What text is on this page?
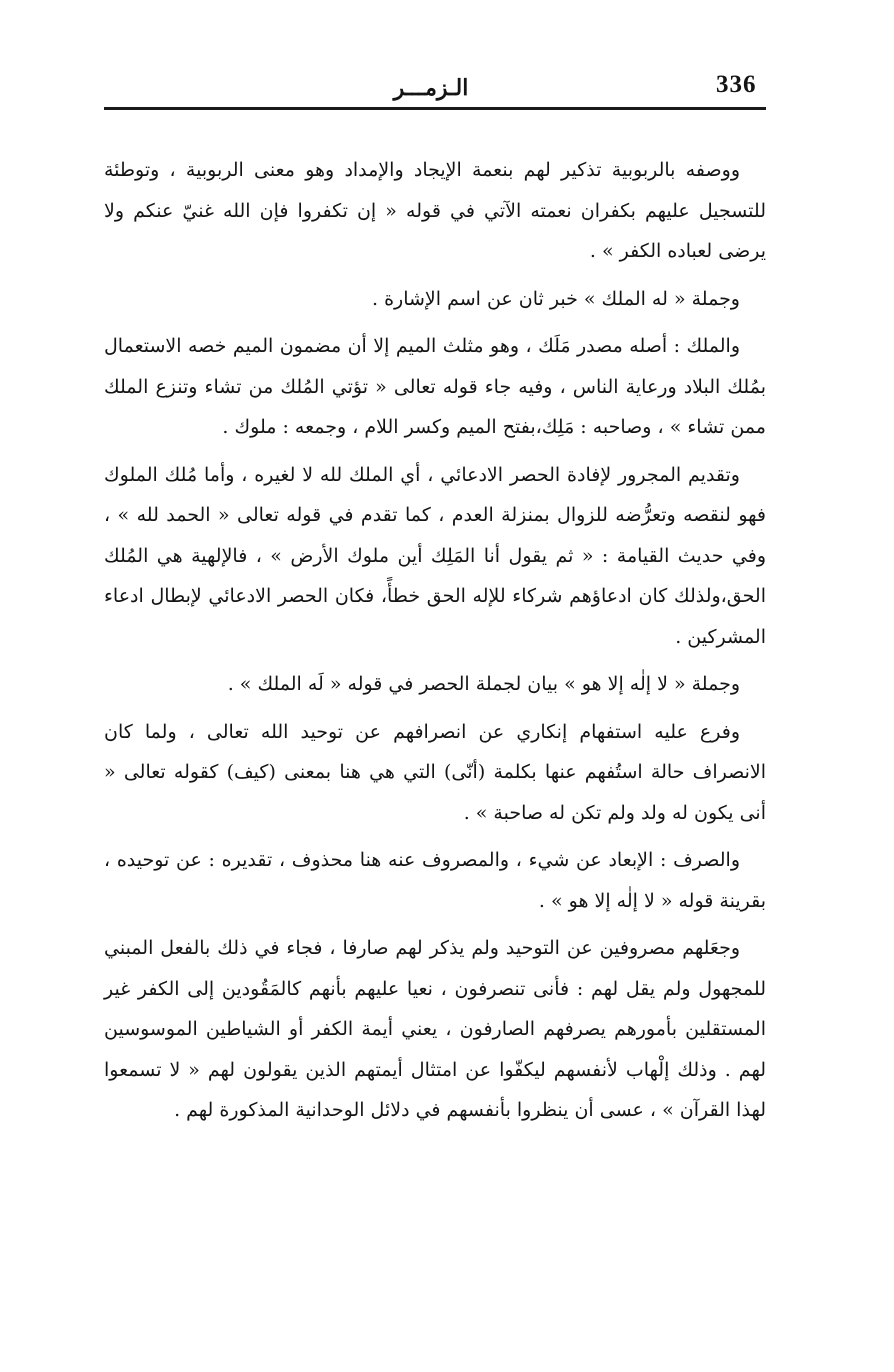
336
الـزمـــر

ووصفه بالربوبية تذكير لهم بنعمة الإيجاد والإمداد وهو معنى الربوبية ، وتوطئة للتسجيل عليهم بكفران نعمته الآتي في قوله « إن تكفروا فإن الله غنيّ عنكم ولا يرضى لعباده الكفر » .

وجملة « له الملك » خبر ثان عن اسم الإشارة .

والملك : أصله مصدر مَلَك ، وهو مثلث الميم إلا أن مضمون الميم خصه الاستعمال بمُلك البلاد ورعاية الناس ، وفيه جاء قوله تعالى « تؤتي المُلك من تشاء وتنزع الملك ممن تشاء » ، وصاحبه : مَلِك،بفتح الميم وكسر اللام ، وجمعه : ملوك .

وتقديم المجرور لإفادة الحصر الادعائي ، أي الملك لله لا لغيره ، وأما مُلك الملوك فهو لنقصه وتعرُّضه للزوال بمنزلة العدم ، كما تقدم في قوله تعالى « الحمد لله » ، وفي حديث القيامة : « ثم يقول أنا المَلِك أين ملوك الأرض » ، فالإلهية هي المُلك الحق،ولذلك كان ادعاؤهم شركاء للإله الحق خطأً، فكان الحصر الادعائي لإبطال ادعاء المشركين .

وجملة « لا إلٰه إلا هو » بيان لجملة الحصر في قوله « لَه الملك » .

وفرع عليه استفهام إنكاري عن انصرافهم عن توحيد الله تعالى ، ولما كان الانصراف حالة استُفهم عنها بكلمة (أنّى) التي هي هنا بمعنى (كيف) كقوله تعالى « أنى يكون له ولد ولم تكن له صاحبة » .

والصرف : الإبعاد عن شيء ، والمصروف عنه هنا محذوف ، تقديره : عن توحيده ، بقرينة قوله « لا إلٰه إلا هو » .

وجعَلهم مصروفين عن التوحيد ولم يذكر لهم صارفا ، فجاء في ذلك بالفعل المبني للمجهول ولم يقل لهم : فأنى تنصرفون ، نعيا عليهم بأنهم كالمَقُودين إلى الكفر غير المستقلين بأمورهم يصرفهم الصارفون ، يعني أيمة الكفر أو الشياطين الموسوسين لهم . وذلك إلْهاب لأنفسهم ليكفّوا عن امتثال أيمتهم الذين يقولون لهم « لا تسمعوا لهذا القرآن » ، عسى أن ينظروا بأنفسهم في دلائل الوحدانية المذكورة لهم .
